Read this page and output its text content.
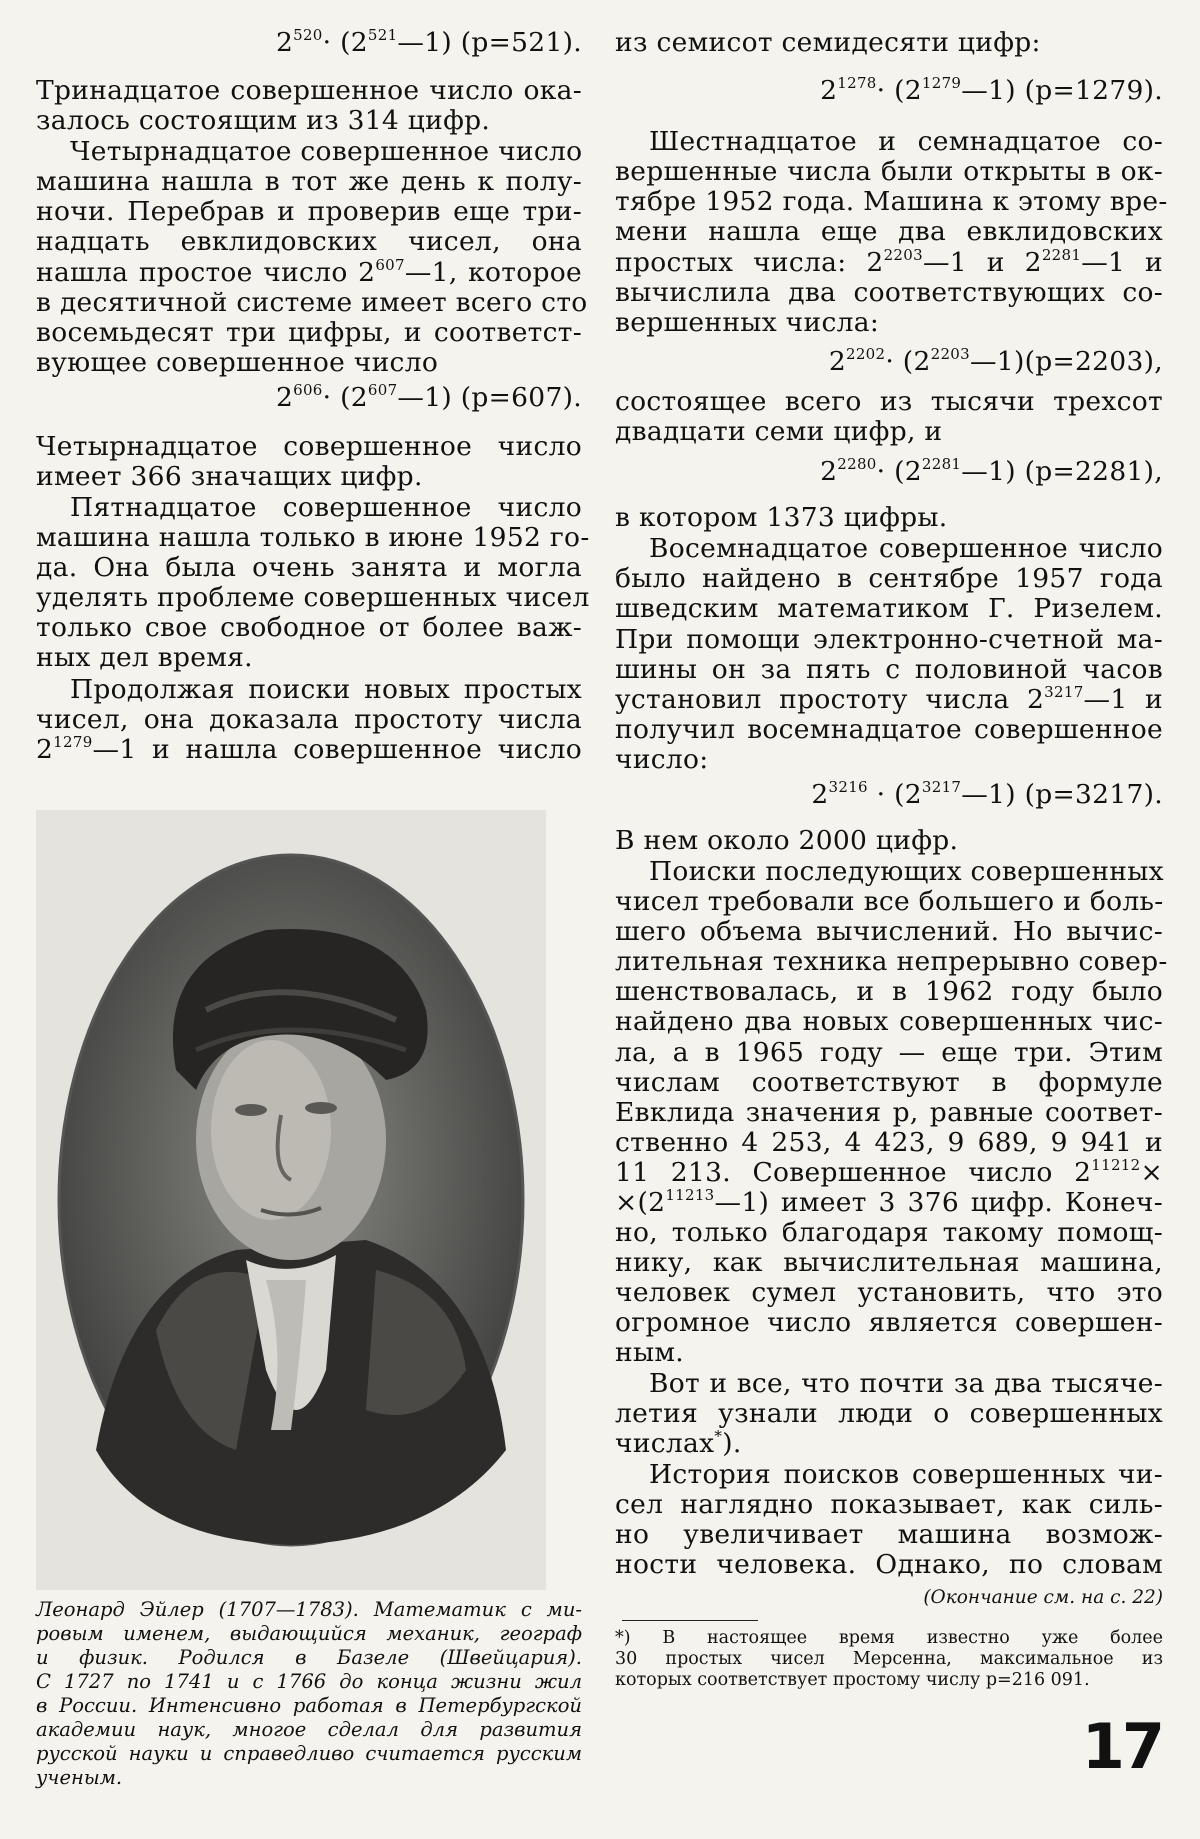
$2^{520}\cdot$ $(2^{521}—1)$ (p=521).
Тринадцатое совершенное число ока-
залось состоящим из 314 цифр.
Четырнадцатое совершенное число
машина нашла в тот же день к полу-
ночи. Перебрав и проверив еще три-
надцать евклидовских чисел, она
нашла простое число $2^{607}—1$, которое
в десятичной системе имеет всего сто
восемьдесят три цифры, и соответст-
вующее совершенное число
$2^{606}\cdot$ $(2^{607}—1)$ (p=607).
Четырнадцатое совершенное число
имеет 366 значащих цифр.
Пятнадцатое совершенное число
машина нашла только в июне 1952 го-
да. Она была очень занята и могла
уделять проблеме совершенных чисел
только свое свободное от более важ-
ных дел время.
Продолжая поиски новых простых
чисел, она доказала простоту числа
$2^{1279}—1$ и нашла совершенное число
Леонард Эйлер (1707—1783). Математик с ми-
ровым именем, выдающийся механик, географ
и физик. Родился в Базеле (Швейцария).
С 1727 по 1741 и с 1766 до конца жизни жил
в России. Интенсивно работая в Петербургской
академии наук, многое сделал для развития
русской науки и справедливо считается русским
ученым.
из семисот семидесяти цифр:
$2^{1278}\cdot$ $(2^{1279}—1)$ (p=1279).
Шестнадцатое и семнадцатое со-
вершенные числа были открыты в ок-
тябре 1952 года. Машина к этому вре-
мени нашла еще два евклидовских
простых числа: $2^{2203}—1$ и $2^{2281}—1$ и
вычислила два соответствующих со-
вершенных числа:
$2^{2202}\cdot$ $(2^{2203}—1)(p=2203)$,
состоящее всего из тысячи трехсот
двадцати семи цифр, и
$2^{2280}\cdot$ $(2^{2281}—1)$ (p=2281),
в котором 1373 цифры.
Восемнадцатое совершенное число
было найдено в сентябре 1957 года
шведским математиком Г. Ризелем.
При помощи электронно-счетной ма-
шины он за пять с половиной часов
установил простоту числа $2^{3217}—1$ и
получил восемнадцатое совершенное
число:
$2^{3216}$ · $(2^{3217}—1)$ (p=3217).
В нем около 2000 цифр.
Поиски последующих совершенных
чисел требовали все большего и боль-
шего объема вычислений. Но вычис-
лительная техника непрерывно совер-
шенствовалась, и в 1962 году было
найдено два новых совершенных чис-
ла, а в 1965 году — еще три. Этим
числам соответствуют в формуле
Евклида значения p, равные соответ-
ственно 4 253, 4 423, 9 689, 9 941 и
11 213. Совершенное число $2^{11212}\times$
$\times(2^{11213}—1)$ имеет 3 376 цифр. Конеч-
но, только благодаря такому помощ-
нику, как вычислительная машина,
человек сумел установить, что это
огромное число является совершен-
ным.
Вот и все, что почти за два тысяче-
летия узнали люди о совершенных
числах*).
История поисков совершенных чи-
сел наглядно показывает, как силь-
но увеличивает машина возмож-
ности человека. Однако, по словам
(Окончание см. на с. 22)
*) В настоящее время известно уже более
30 простых чисел Мерсенна, максимальное из
которых соответствует простому числу p=216 091.
17
